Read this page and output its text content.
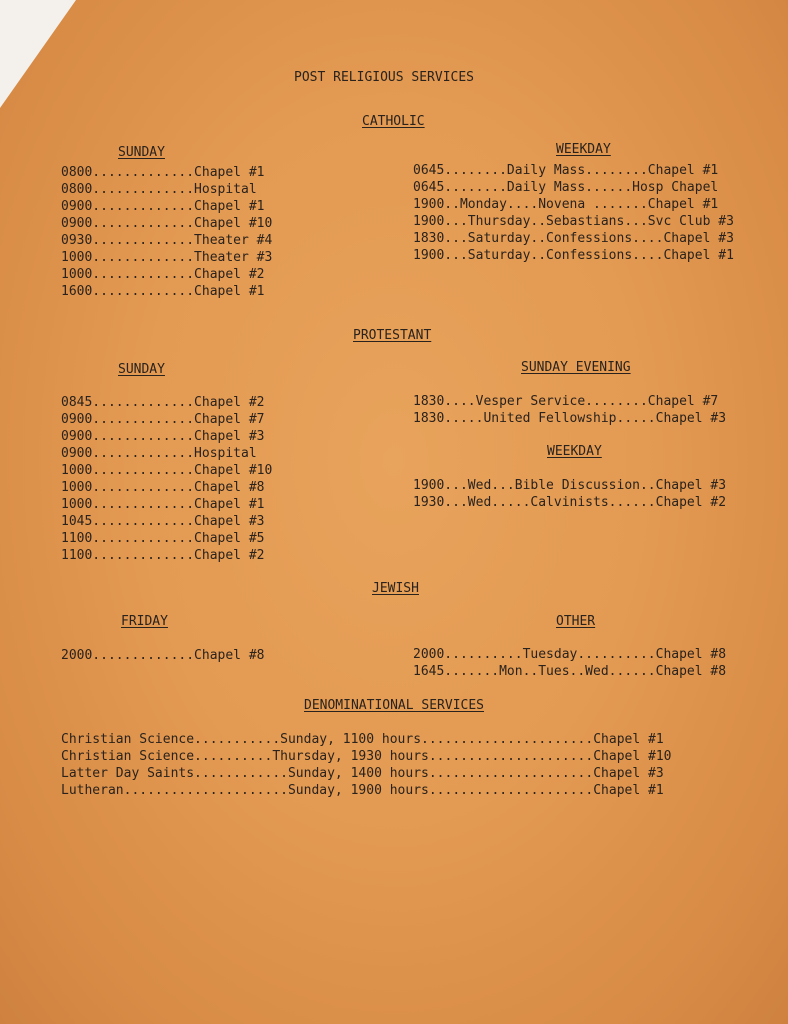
POST RELIGIOUS SERVICES
CATHOLIC
SUNDAY	WEEKDAY
0800.............Chapel #1
0800.............Hospital
0900.............Chapel #1
0900.............Chapel #10
0930.............Theater #4
1000.............Theater #3
1000.............Chapel #2
1600.............Chapel #1
0645........Daily Mass........Chapel #1
0645........Daily Mass......Hosp Chapel
1900..Monday....Novena .......Chapel #1
1900...Thursday..Sebastians...Svc Club #3
1830...Saturday..Confessions....Chapel #3
1900...Saturday..Confessions....Chapel #1
PROTESTANT
SUNDAY	SUNDAY EVENING
0845.............Chapel #2
0900.............Chapel #7
0900.............Chapel #3
0900.............Hospital
1000.............Chapel #10
1000.............Chapel #8
1000.............Chapel #1
1045.............Chapel #3
1100.............Chapel #5
1100.............Chapel #2
1830....Vesper Service........Chapel #7
1830.....United Fellowship.....Chapel #3
WEEKDAY
1900...Wed...Bible Discussion..Chapel #3
1930...Wed.....Calvinists......Chapel #2
JEWISH
FRIDAY	OTHER
2000.............Chapel #8	2000..........Tuesday..........Chapel #8
1645.......Mon..Tues..Wed......Chapel #8
DENOMINATIONAL SERVICES
Christian Science...........Sunday, 1100 hours......................Chapel #1
Christian Science..........Thursday, 1930 hours.....................Chapel #10
Latter Day Saints............Sunday, 1400 hours.....................Chapel #3
Lutheran.....................Sunday, 1900 hours.....................Chapel #1
